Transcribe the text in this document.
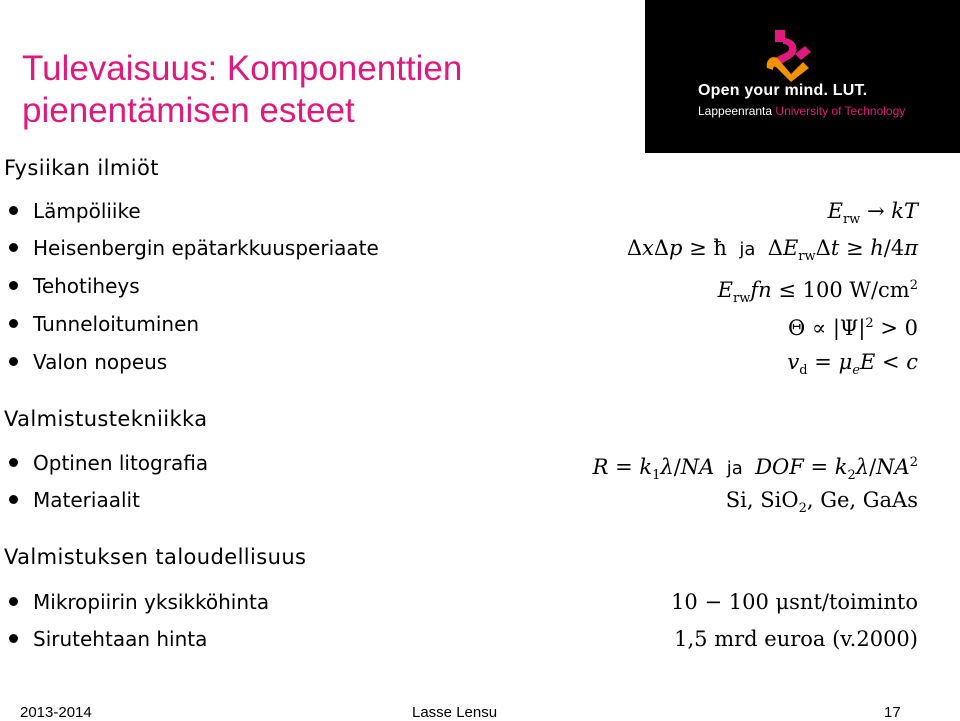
Tulevaisuus: Komponenttien pienentämisen esteet
Open your mind. LUT.
Lappeenranta University of Technology
Fysiikan ilmiöt
Lämpöliike	$E_{rw}$ → kT
Heisenbergin epätarkkuusperiaate	ΔxΔp ≥ ħ  ja  $\Delta E_{rw}\Delta t \ge h/4\pi$
Tehotiheys	$E_{rw}fn \le 100$ $W/cm^2$
Tunneloituminen	$\Theta \propto |\Psi|^2 > 0$
Valon nopeus	$v_d = \mu_eE < c$
Valmistustekniikka
Optinen litografia	$R = k_1\lambda/NA$  ja  DOF = $k_2\lambda/NA^2$
Materiaalit	Si, SiO$_2$, Ge, GaAs
Valmistuksen taloudellisuus
Mikropiirin yksikköhinta	10 − 100 μsnt/toiminto
Sirutehtaan hinta	1,5 mrd euroa (v.2000)
2013-2014	Lasse Lensu	17
